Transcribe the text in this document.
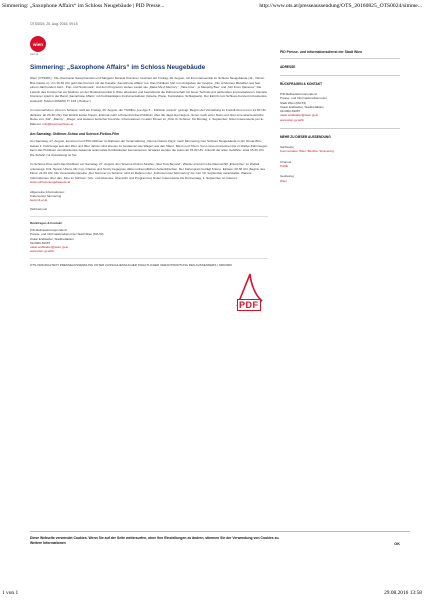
Simmering: „Saxophone Affairs“ im Schloss Neugebäude | PID Presse...	http://www.ots.at/presseaussendung/OTS_20160825_OTS0024/simme...
OTS0024, 25. Aug. 2016, 09:15
wien
wien.at
Simmering: „Saxophone Affairs“ im Schloss Neugebäude

Wien (OTS/RK) - Die charmante Saxophonistin und Sängerin Daniela Krammer musiziert am Freitag, 26. August, mit ihrem Ensemble im Schloss Neugebäude (11., Otmar-Brix-Gasse 1). Um 19.30 Uhr geht das Konzert mit der Kapelle „Saxophone Affairs“ los. Das Publikum hört nun Ausgaben der Gruppe, „Die schönsten Melodien aus fast einem Jahrhundert Jazz-, Pop- und Soulmusik“. Auf dem Programm stehen Lieder wie „Make Me A Memory“, „Take Five“, „A Sleeping Bee“ und „Girl From Ipanema“. Die Leiterin des Combo hat ein Studium an der Musikuniversität in Wien absolviert und beeindruckt die Zuhörerschaft mit feiner Technik und packenden Improvisationen. Daniela Krammer spielt in der Band „Saxophone Affairs“ mit hochkarätigen Instrumentalisten (Gitarre, Piano, Kontrabass, Schlagwerk). Der Eintritt zum Schloss-Konzert ist kostenlos. Auskunft: Telefon 0664/50 77 103 („Hotline“).

Im sommerlichen „Kino im Schloss“ wird am Freitag, 26. August, der Thrillfilm „Ice Age 5 – Kollision voraus!“ gezeigt. Beginn der Vorstellung im Freiluft-Kino ist um 21.00 Uhr (Einlass: ab 20.30 Uhr). Der Eintritt kostet 6 Euro. Erstmal mehr schmunzelt das Publikum über die Jagd des Negers „Scrat“ nach einer Nuss und über eine abenteuerliche Reise von „Sid“, „Manny“, „Diego“ und weiterer tierischer Freunde. Informationen zu allen Filmen im „Kino im Schloss“ bis Montag, 1. September, holen Interessierte per E-Mail ein: info@kinoimschloss.at

Am Samstag: Oldtimer-Schau und Science-Fiction-Film

Am Samstag, 27. August, kommen rund 250 Oldtimer im Rahmen der Veranstaltung „Vienna Classic Days“ nach Simmering zum Schloss Neugebäude in der Otmar-Brix-Gasse 1. Fahrzeuge aus den 20er und 30er Jahren sind ebenso zu bestaunen wie Wagen aus den 50ern, 60ern und 70ern. Von Luxus-Limousinen bis zu Rallye-Fahrzeugen kann das Publikum verschiedenste bekannte automobile Kostbarkeiten kennenlernen. Erwartet werden die Autos ab 15.00 Uhr. Ankunft der alten Gefährte: etwa 15.30 Uhr. Die Zufahrt zur Ausstellung ist frei.

Im Schloss-Kino sieht das Publikum am Samstag, 27. August, den Science-Fiction-Streifen „Star Trek Beyond“. Wieder einmal ist die Raumschiff „Enterprise“ im Weltall unterwegs: Kirk, Spock, Uhura, Mc Coy, Chekov und Scotty begegnen dabei unfreundlichen Außerirdischen. Der Kartenpreis beträgt 6 Euro. Einlass: 20.30 Uhr, Beginn des Films: 21.00 Uhr. Die Veranstaltungsreihe „Der Sommer im Schloss“ wird im Rahmen der „Kultursommer Simmering“ bis zum 10. September veranstaltet. Weitere Informationen über das „Kino im Schloss“ (Vor- und Abendes, Übersicht und Programme) finden Interessierte bis Donnerstag, 1. September im Internet: www.schlossneugebaeude.at

Allgemeine Informationen:
Kulturverein Simmering
www.11-er.at
(Schluss) eic
Rückfragen & Kontakt:
PID-Rathauskorrespondenz
Presse- und Informationsdienst der Stadt Wien (MA 53)
Oskar Endlweber, Stadtredaktion
01/4000-81067
oskar.endlweber@wien.gv.at
www.wien.gv.at/rk
OTS-ORIGINALTEXT PRESSEAUSSENDUNG UNTER AUSSCHLIESSLICHER INHALTLICHER VERANTWORTUNG DES AUSSENDERS | NRK0009
PID Presse- und Informationsdienst der Stadt Wien
ADRESSE
RÜCKFRAGEN & KONTAKT
PID-Rathauskorrespondenz
Presse- und Informationsdienst der
Stadt Wien (MA 53)
Oskar Endlweber, Stadtredaktion
01/4000-81067
oskar.endlweber@wien.gv.at
www.wien.gv.at/rk
MEHR ZU DIESER AUSSENDUNG
Stichworte
Kommunales, Wien, Bezirke, Simmering
Channel
Politik
Geobezug
Wien
PDF
Diese Webseite verwendet Cookies. Wenn Sie auf der Seite weitersurfen, ohne Ihre Einstellungen zu ändern, stimmen Sie der Verwendung von Cookies zu. Weitere Informationen	OK
1 von 1	29.08.2016 13:58
